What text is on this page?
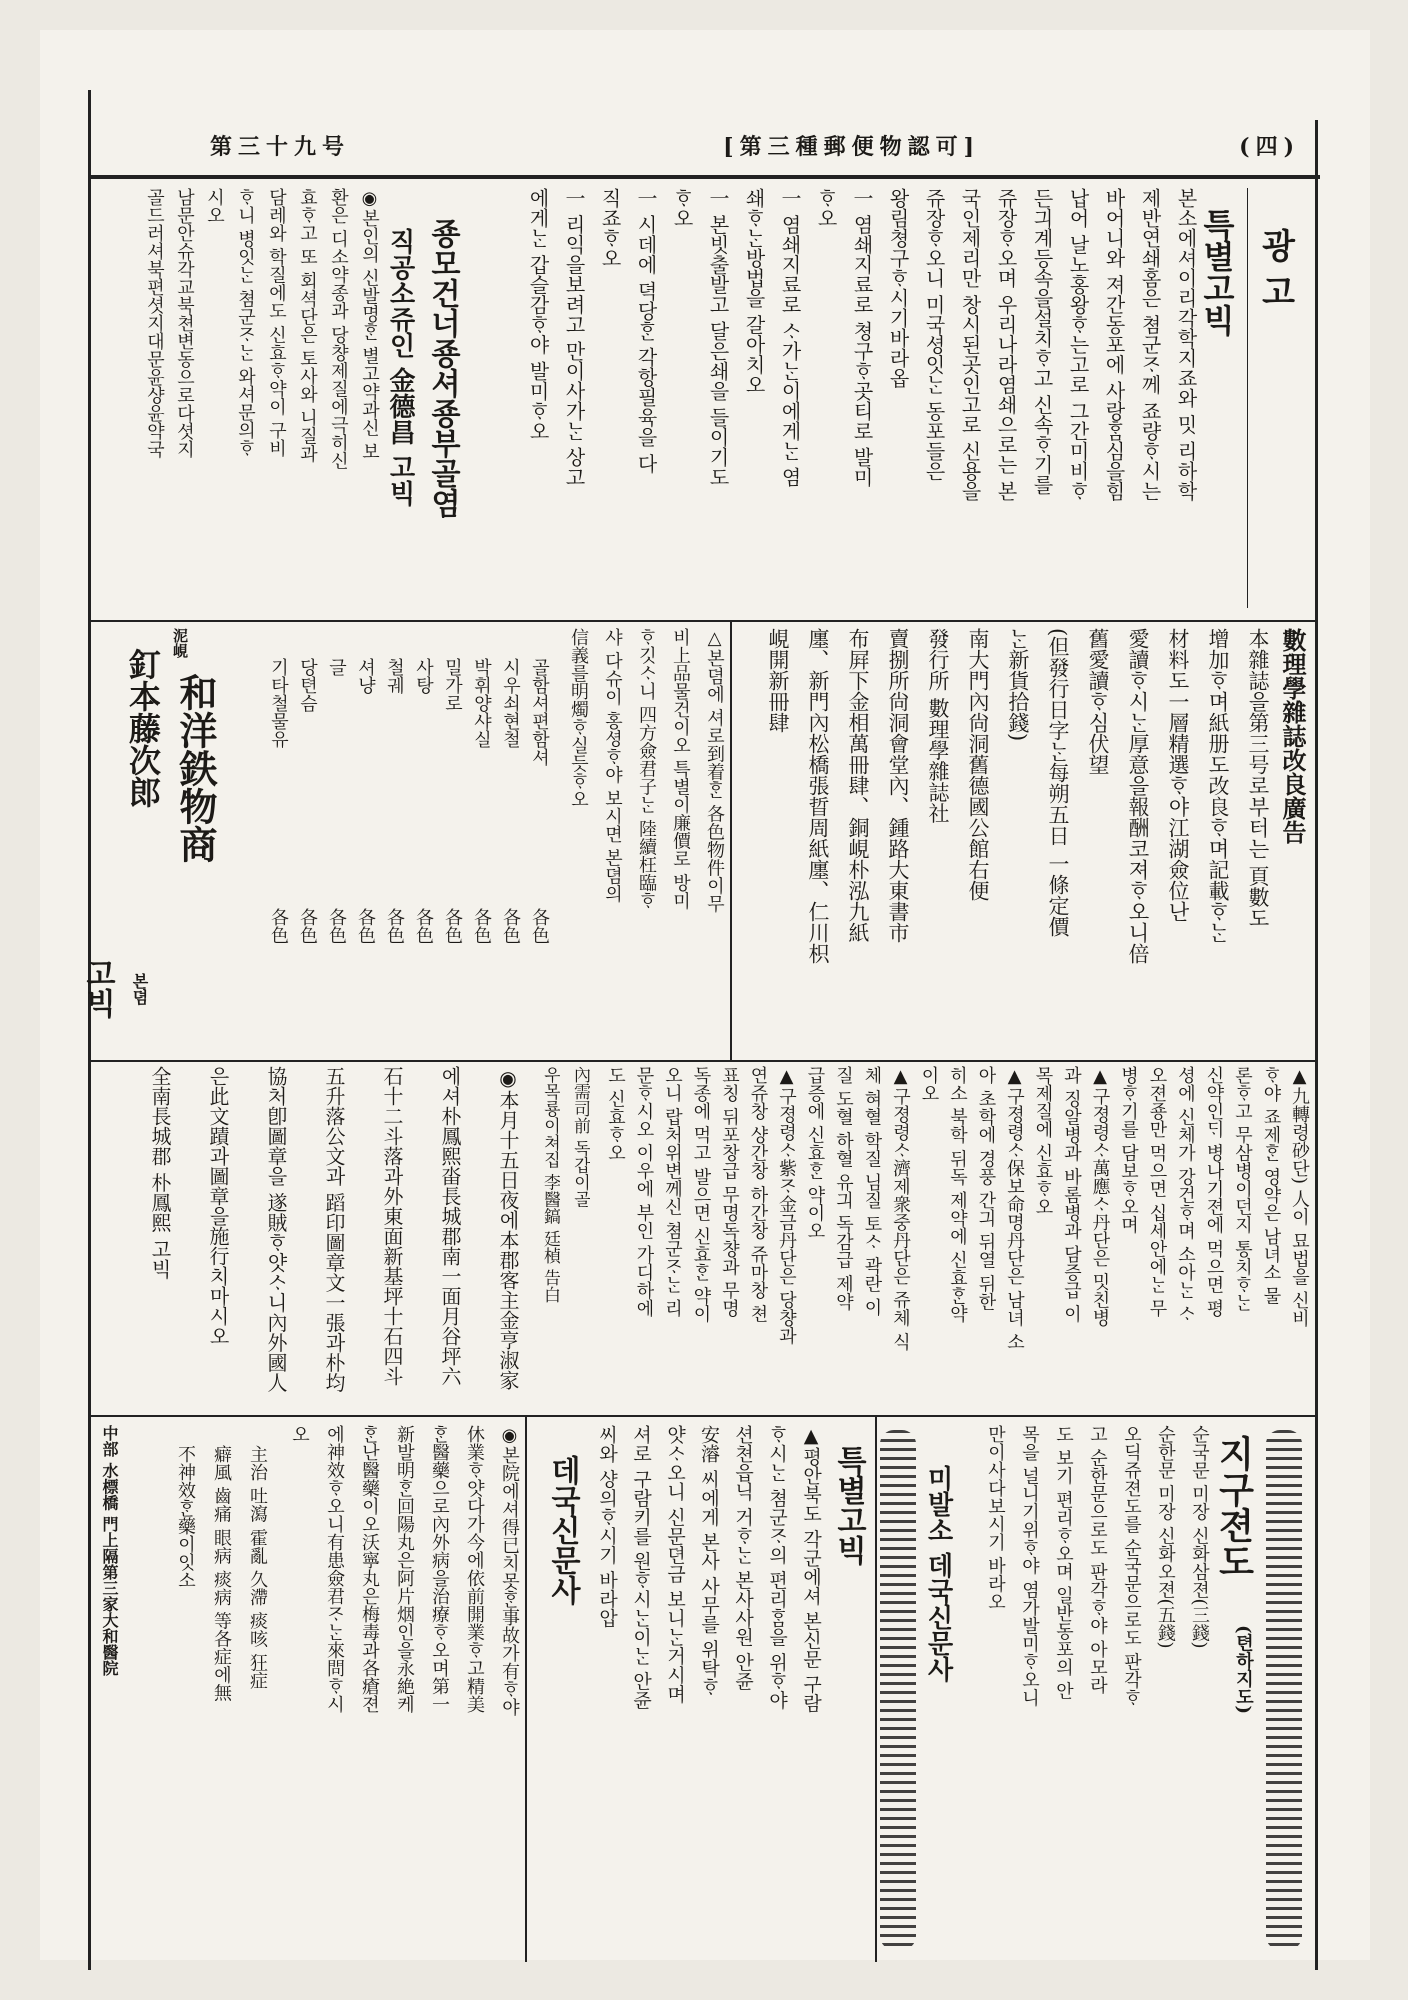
(四)
[第三種郵便物認可]
第三十九号
광 고
특별고빅
본소에셔이리각학지죠와 밋 리하학
제반연쇄홈은 쳠군ᄌᆞ께 죠량ᄒᆞ시는
바어니와 져간동포에 사랑ᄒᆞᆷ심을힘
납어 날노홍왕ᄒᆞ는고로 그간미비ᄒᆞ
든긔계등속을설치ᄒᆞ고 신속ᄒᆞ기를
쥬장ᄒᆞ오며 우리나라염쇄으로는 본
국인제리만 창시된곳인고로 신용을
쥬장ᄒᆞ오니 미국셩잇ᄂᆞᆫ 동포들은
왕림쳥구ᄒᆞ시기바라옵
一 염쇄지료로 쳥구ᄒᆞ곳티로 발미
ᄒᆞ오
一 염쇄지료로 ᄉᆞ가ᄂᆞᆫ이에게ᄂᆞᆫ 염
쇄ᄒᆞᄂᆞᆫ방법을 갈아치오
一 본빗출발고 달은쇄을 들이기도
ᄒᆞ오
一 시데에 뎍당ᄒᆞᆫ 각항필육을 다
직죠ᄒᆞ오
一 리익을보려고 만이사가ᄂᆞᆫ 상고
에게ᄂᆞᆫ 갑슬감ᄒᆞ야 발미ᄒᆞ오
죵모건너죵셔죵부골염
직공소쥬인 金德昌 고빅
◉본인의 신발명ᄒᆞᆫ 별고약과신 보
환은 디소약종과 당챵제질에극히신
효ᄒᆞ고 또 회셕단은 토사와 니질과
담레와 학질에도 신효ᄒᆞ약이 구비
ᄒᆞ니 병잇ᄂᆞᆫ 쳠군ᄌᆞᄂᆞᆫ 와셔문의ᄒᆞ
시오
남문안슈각교북쳔변동으로다셧지
골드러셔북편셧지대문윤샹윤약국
數理學雜誌改良廣告
本雜誌을第三号로부터는 頁數도
增加ᄒᆞ며紙册도改良ᄒᆞ며記載ᄒᆞᄂᆞᆫ
材料도一層精選ᄒᆞ야江湖僉位난
愛讀ᄒᆞ시ᄂᆞᆫ厚意을報酬코져ᄒᆞ오니倍
舊愛讀ᄒᆞ심伏望
(但發行日字ᄂᆞᆫ每朔五日 一條定價
ᄂᆞᆫ新貨拾錢)
南大門內尙洞舊德國公館右便
發行所 數理學雜誌社
賣捌所尙洞會堂內、鍾路大東書市
布屛下金相萬冊肆、銅峴朴泓九紙
廛、新門內松橋張晢周紙廛、仁川枳
峴開新冊肆
△본뎜에 셔로到着ᄒᆞᆫ 各色物件이무
비上品물건이오 특별이廉價로 방미
ᄒᆞ깃ᄉᆞ니 四方僉君子ᄂᆞᆫ 陸續枉臨ᄒᆞ
샤 다슈이 홍셩ᄒᆞ야 보시면 본뎜의
信義를明燭ᄒᆞ실듯ᄒᆞ오
골함셔편함셔
各色
시우쇠현철
各色
박휘양샤실
各色
밀가로
各色
사탕
各色
철궤
各色
셔냥
各色
글
各色
당텬슴
各色
기타철물유
各色
泥峴
和洋鉄物商
釘本藤次郎
본뎜
고빅
▲九轉령砂단) 人이 묘법을 신비
ᄒᆞ야 죠제ᄒᆞᆫ 영약은 남녀소 물
론ᄒᆞ고 무삼병이던지 통치ᄒᆞᄂᆞᆫ
신약인ᄃᆡ 병나기젼에 먹으면 평
셩에 신체가 강건ᄒᆞ며 소아ᄂᆞᆫ ᄉᆞ
오젼죵만 먹으면 십세안에ᄂᆞᆫ 무
병ᄒᆞ기를 담보ᄒᆞ오며
▲구졍령ᄉᆞ萬應ᄉᆞ丹단은 밋친병
과 징알병과 바롬병과 담증급 이
목제질에 신효ᄒᆞ오
▲구졍령ᄉᆞ保보命명丹단은 남녀 소
아 초학에 경풍 간긔 뒤열 뒤한
히소 북학 뒤독 제약에 신효ᄒᆞᆫ약
이오
▲구졍령ᄉᆞ濟제衆중丹단은 쥬체 식
체 혀혈 학질 님질 토ᄉᆞ 곽란 이
질 도혈 하혈 유긔 독감급 제약
급증에 신효ᄒᆞᆫ 약이오
▲구졍령ᄉᆞ紫ᄌᆞ金금丹단은 당챵과
연쥬창 샹간창 하간창 쥬마창 쳔
표칭 뒤포창급 무명독챵과 무명
독종에 먹고 발으면 신효ᄒᆞᆫ 약이
오니 랍처위변께신 쳠군ᄌᆞᄂᆞᆫ 리
문ᄒᆞ시오 이우에 부인 가디하에
도 신효ᄒᆞ오
內需司前 독갑이골
우목룡이쳐집 李醫鎬 廷楨 告白
◉本月十五日夜에本郡客主金亨淑家
에셔朴鳳熙畓長城郡南一面月谷坪六
石十二斗落과外東面新基坪十石四斗
五升落公文과 蹈印圖章文一張과朴均
協처卽圖章을 遂賊ᄒᆞ얏ᄉᆞ니內外國人
은此文蹟과圖章을施行치마시오
全南長城郡 朴鳳熙 고빅
지구젼도
(텬하지도)
순국문 미장 신화삼젼(三錢)
순한문 미장 신화오젼(五錢)
오딕쥬젼도를 순국문으로도 판각ᄒᆞ
고 순한문으로도 판각ᄒᆞ야 아모라
도 보기 편리ᄒᆞ오며 일반동포의 안
목을 널니기위ᄒᆞ야 염가발미ᄒᆞ오니
만이사다보시기 바라오
미발소 데국신문사
특별고빅
▲평안북도 각군에셔 본신문 구람
ᄒᆞ시ᄂᆞᆫ 쳠군ᄌᆞ의 편리ᄒᆞᆷ을 위ᄒᆞ야
션쳔읍닉 거ᄒᆞᄂᆞᆫ 본사사원 안쥰
安濬 씨에게 본사 사무를 위탁ᄒᆞ
얏ᄉᆞ오니 신문뎐금 보니ᄂᆞᆫ거시며
셔로 구람키를 원ᄒᆞ시ᄂᆞᆫ이ᄂᆞᆫ 안쥰
씨와 샹의ᄒᆞ시기 바라압
데국신문사
◉본院에셔得已치못ᄒᆞᆫ事故가有ᄒᆞ야
休業ᄒᆞ얏다가今에依前開業ᄒᆞ고精美
ᄒᆞᆫ醫藥으로內外病을治療ᄒᆞ오며第一
新발明ᄒᆞᆫ回陽丸은阿片烟인을永絶케
ᄒᆞᆫ난醫藥이오沃寧丸은梅毒과各瘡젼
에神效ᄒᆞ오니有患僉君ᄌᆞᄂᆞᆫ來問ᄒᆞ시
오
主治 吐瀉 霍亂 久滯 痰咳 狂症
癖風 齒痛 眼病 痰病 等各症에無
不神效ᄒᆞᆫ藥이잇소
中部 水標橋 門上隔第三家大和醫院
